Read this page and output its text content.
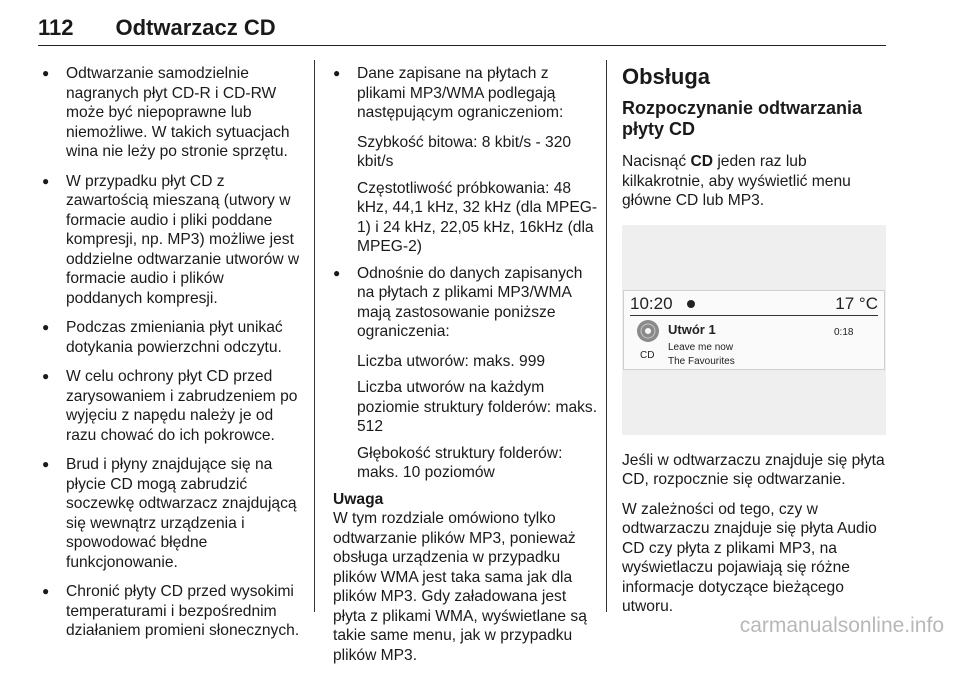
112 Odtwarzacz CD

● Odtwarzanie samodzielnie nagranych płyt CD-R i CD-RW może być niepoprawne lub niemożliwe. W takich sytuacjach wina nie leży po stronie sprzętu.

● W przypadku płyt CD z zawartością mieszaną (utwory w formacie audio i pliki poddane kompresji, np. MP3) możliwe jest oddzielne odtwarzanie utworów w formacie audio i plików poddanych kompresji.

● Podczas zmieniania płyt unikać dotykania powierzchni odczytu.

● W celu ochrony płyt CD przed zarysowaniem i zabrudzeniem po wyjęciu z napędu należy je od razu chować do ich pokrowce.

● Brud i płyny znajdujące się na płycie CD mogą zabrudzić soczewkę odtwarzacz znajdującą się wewnątrz urządzenia i spowodować błędne funkcjonowanie.

● Chronić płyty CD przed wysokimi temperaturami i bezpośrednim działaniem promieni słonecznych.

● Dane zapisane na płytach z plikami MP3/WMA podlegają następującym ograniczeniom:

Szybkość bitowa: 8 kbit/s - 320 kbit/s

Częstotliwość próbkowania: 48 kHz, 44,1 kHz, 32 kHz (dla MPEG-1) i 24 kHz, 22,05 kHz, 16kHz (dla MPEG-2)

● Odnośnie do danych zapisanych na płytach z plikami MP3/WMA mają zastosowanie poniższe ograniczenia:

Liczba utworów: maks. 999

Liczba utworów na każdym poziomie struktury folderów: maks. 512

Głębokość struktury folderów: maks. 10 poziomów

Uwaga

W tym rozdziale omówiono tylko odtwarzanie plików MP3, ponieważ obsługa urządzenia w przypadku plików WMA jest taka sama jak dla plików MP3. Gdy załadowana jest płyta z plikami WMA, wyświetlane są takie same menu, jak w przypadku plików MP3.

Obsługa
Rozpoczynanie odtwarzania płyty CD

Nacisnąć CD jeden raz lub kilkakrotnie, aby wyświetlić menu główne CD lub MP3.

10:20	17 °C
CD
Utwór 1
Leave me now
The Favourites
0:18

Jeśli w odtwarzaczu znajduje się płyta CD, rozpocznie się odtwarzanie.

W zależności od tego, czy w odtwarzaczu znajduje się płyta Audio CD czy płyta z plikami MP3, na wyświetlaczu pojawiają się różne informacje dotyczące bieżącego utworu.

carmanualsonline.info
